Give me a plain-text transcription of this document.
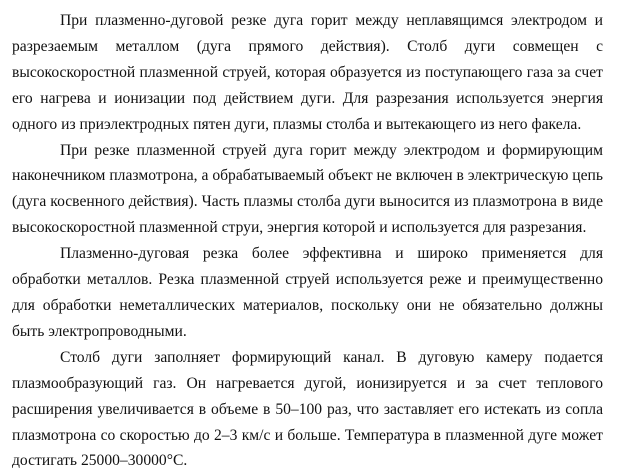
При плазменно-дуговой резке дуга горит между неплавящимся электродом и разрезаемым металлом (дуга прямого действия). Столб дуги совмещен с высокоскоростной плазменной струей, которая образуется из поступающего газа за счет его нагрева и ионизации под действием дуги. Для разрезания используется энергия одного из приэлектродных пятен дуги, плазмы столба и вытекающего из него факела.

При резке плазменной струей дуга горит между электродом и формирующим наконечником плазмотрона, а обрабатываемый объект не включен в электрическую цепь (дуга косвенного действия). Часть плазмы столба дуги выносится из плазмотрона в виде высокоскоростной плазменной струи, энергия которой и используется для разрезания.

Плазменно-дуговая резка более эффективна и широко применяется для обработки металлов. Резка плазменной струей используется реже и преимущественно для обработки неметаллических материалов, поскольку они не обязательно должны быть электропроводными.

Столб дуги заполняет формирующий канал. В дуговую камеру подается плазмообразующий газ. Он нагревается дугой, ионизируется и за счет теплового расширения увеличивается в объеме в 50–100 раз, что заставляет его истекать из сопла плазмотрона со скоростью до 2–3 км/с и больше. Температура в плазменной дуге может достигать 25000–30000°С.
